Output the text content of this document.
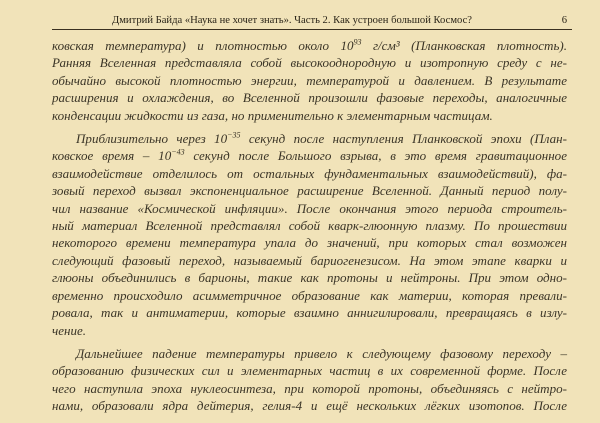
Дмитрий Байда «Наука не хочет знать». Часть 2. Как устроен большой Космос?	6
ковская температура) и плотностью около $10^{93}$ г/см³ (Планковская плотность).
Ранняя Вселенная представляла собой высокооднородную и изотропную среду с не-
обычайно высокой плотностью энергии, температурой и давлением. В результате
расширения и охлаждения, во Вселенной произошли фазовые переходы, аналогичные
конденсации жидкости из газа, но применительно к элементарным частицам.
Приблизительно через $10^{-35}$ секунд после наступления Планковской эпохи (План-
ковское время – $10^{-43}$ секунд после Большого взрыва, в это время гравитационное
взаимодействие отделилось от остальных фундаментальных взаимодействий), фа-
зовый переход вызвал экспоненциальное расширение Вселенной. Данный период полу-
чил название «Космической инфляции». После окончания этого периода строитель-
ный материал Вселенной представлял собой кварк-глюонную плазму. По прошествии
некоторого времени температура упала до значений, при которых стал возможен
следующий фазовый переход, называемый бариогенезисом. На этом этапе кварки и
глюоны объединились в барионы, такие как протоны и нейтроны. При этом одно-
временно происходило асимметричное образование как материи, которая превали-
ровала, так и антиматерии, которые взаимно аннигилировали, превращаясь в излу-
чение.
Дальнейшее падение температуры привело к следующему фазовому переходу –
образованию физических сил и элементарных частиц в их современной форме. После
чего наступила эпоха нуклеосинтеза, при которой протоны, объединяясь с нейтро-
нами, образовали ядра дейтерия, гелия-4 и ещё нескольких лёгких изотопов. После
